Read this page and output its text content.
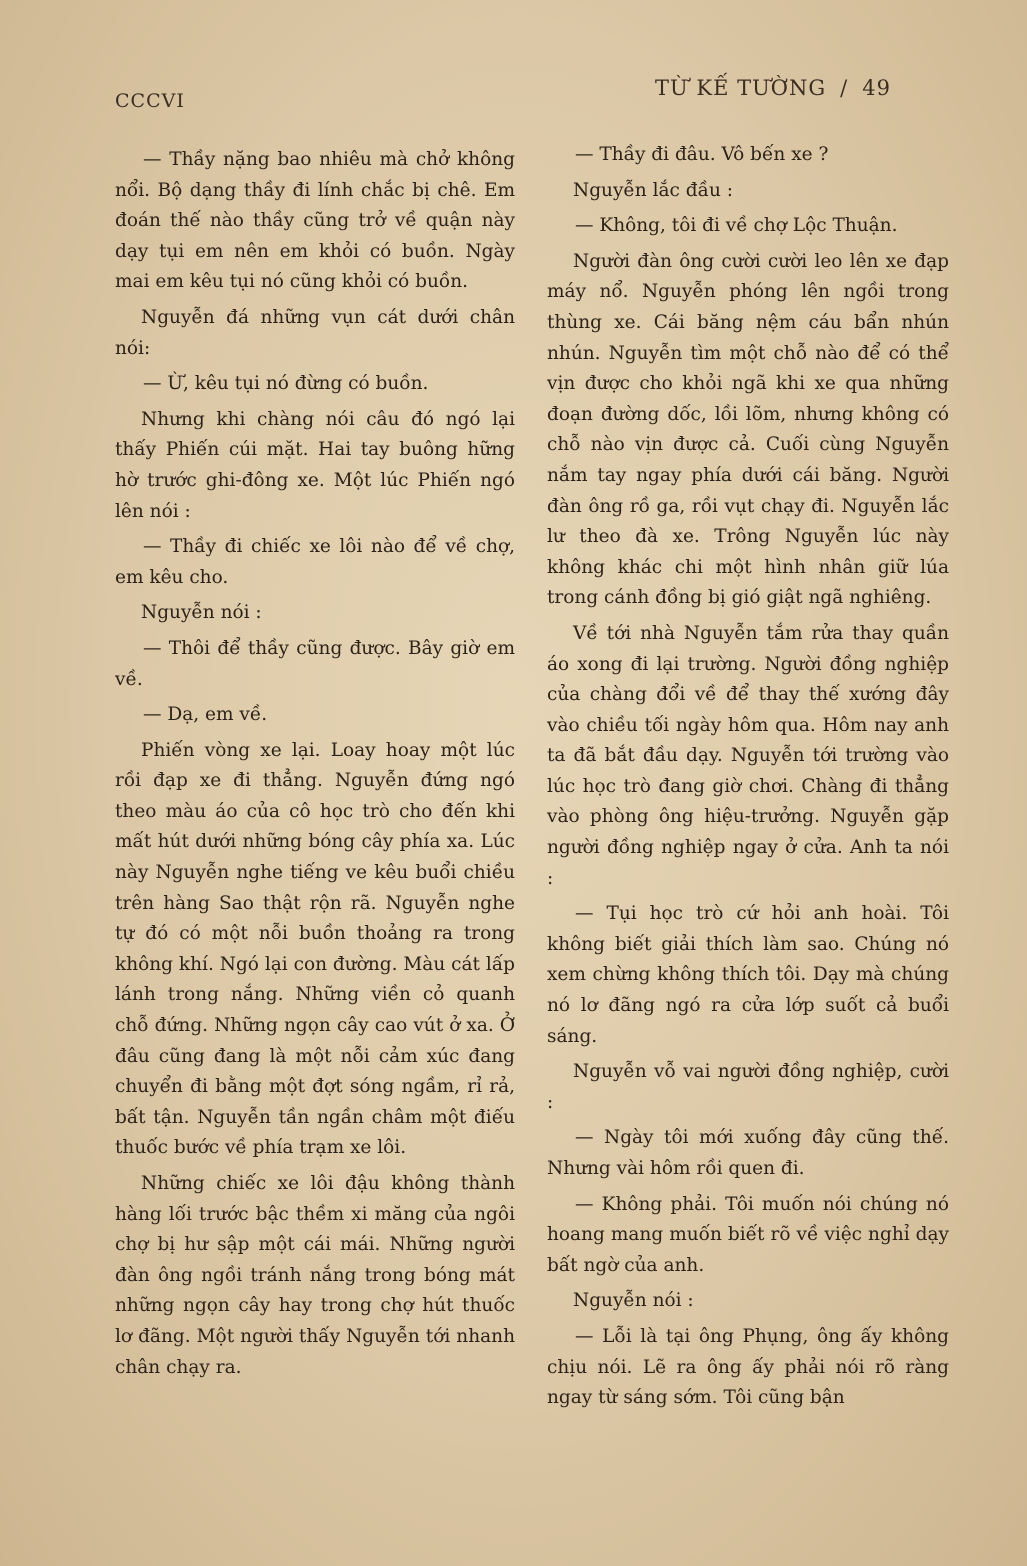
CCCVI
TỪ KẾ TƯỜNG / 49

— Thầy nặng bao nhiêu mà chở không nổi. Bộ dạng thầy đi lính chắc bị chê. Em đoán thế nào thầy cũng trở về quận này dạy tụi em nên em khỏi có buồn. Ngày mai em kêu tụi nó cũng khỏi có buồn.

Nguyễn đá những vụn cát dưới chân nói:

— Ừ, kêu tụi nó đừng có buồn.

Nhưng khi chàng nói câu đó ngó lại thấy Phiến cúi mặt. Hai tay buông hững hờ trước ghi-đông xe. Một lúc Phiến ngó lên nói :

— Thầy đi chiếc xe lôi nào để về chợ, em kêu cho.

Nguyễn nói :

— Thôi để thầy cũng được. Bây giờ em về.

— Dạ, em về.

Phiến vòng xe lại. Loay hoay một lúc rồi đạp xe đi thẳng. Nguyễn đứng ngó theo màu áo của cô học trò cho đến khi mất hút dưới những bóng cây phía xa. Lúc này Nguyễn nghe tiếng ve kêu buổi chiều trên hàng Sao thật rộn rã. Nguyễn nghe tự đó có một nỗi buồn thoảng ra trong không khí. Ngó lại con đường. Màu cát lấp lánh trong nắng. Những viền cỏ quanh chỗ đứng. Những ngọn cây cao vút ở xa. Ở đâu cũng đang là một nỗi cảm xúc đang chuyển đi bằng một đợt sóng ngầm, rỉ rả, bất tận. Nguyễn tần ngần châm một điếu thuốc bước về phía trạm xe lôi.

Những chiếc xe lôi đậu không thành hàng lối trước bậc thềm xi măng của ngôi chợ bị hư sập một cái mái. Những người đàn ông ngồi tránh nắng trong bóng mát những ngọn cây hay trong chợ hút thuốc lơ đãng. Một người thấy Nguyễn tới nhanh chân chạy ra.

— Thầy đi đâu. Vô bến xe ?

Nguyễn lắc đầu :

— Không, tôi đi về chợ Lộc Thuận.

Người đàn ông cười cười leo lên xe đạp máy nổ. Nguyễn phóng lên ngồi trong thùng xe. Cái băng nệm cáu bẩn nhún nhún. Nguyễn tìm một chỗ nào để có thể vịn được cho khỏi ngã khi xe qua những đoạn đường dốc, lồi lõm, nhưng không có chỗ nào vịn được cả. Cuối cùng Nguyễn nắm tay ngay phía dưới cái băng. Người đàn ông rồ ga, rồi vụt chạy đi. Nguyễn lắc lư theo đà xe. Trông Nguyễn lúc này không khác chi một hình nhân giữ lúa trong cánh đồng bị gió giật ngã nghiêng.

Về tới nhà Nguyễn tắm rửa thay quần áo xong đi lại trường. Người đồng nghiệp của chàng đổi về để thay thế xướng đây vào chiều tối ngày hôm qua. Hôm nay anh ta đã bắt đầu dạy. Nguyễn tới trường vào lúc học trò đang giờ chơi. Chàng đi thẳng vào phòng ông hiệu-trưởng. Nguyễn gặp người đồng nghiệp ngay ở cửa. Anh ta nói :

— Tụi học trò cứ hỏi anh hoài. Tôi không biết giải thích làm sao. Chúng nó xem chừng không thích tôi. Dạy mà chúng nó lơ đãng ngó ra cửa lớp suốt cả buổi sáng.

Nguyễn vỗ vai người đồng nghiệp, cười :

— Ngày tôi mới xuống đây cũng thế. Nhưng vài hôm rồi quen đi.

— Không phải. Tôi muốn nói chúng nó hoang mang muốn biết rõ về việc nghỉ dạy bất ngờ của anh.

Nguyễn nói :

— Lỗi là tại ông Phụng, ông ấy không chịu nói. Lẽ ra ông ấy phải nói rõ ràng ngay từ sáng sớm. Tôi cũng bận
